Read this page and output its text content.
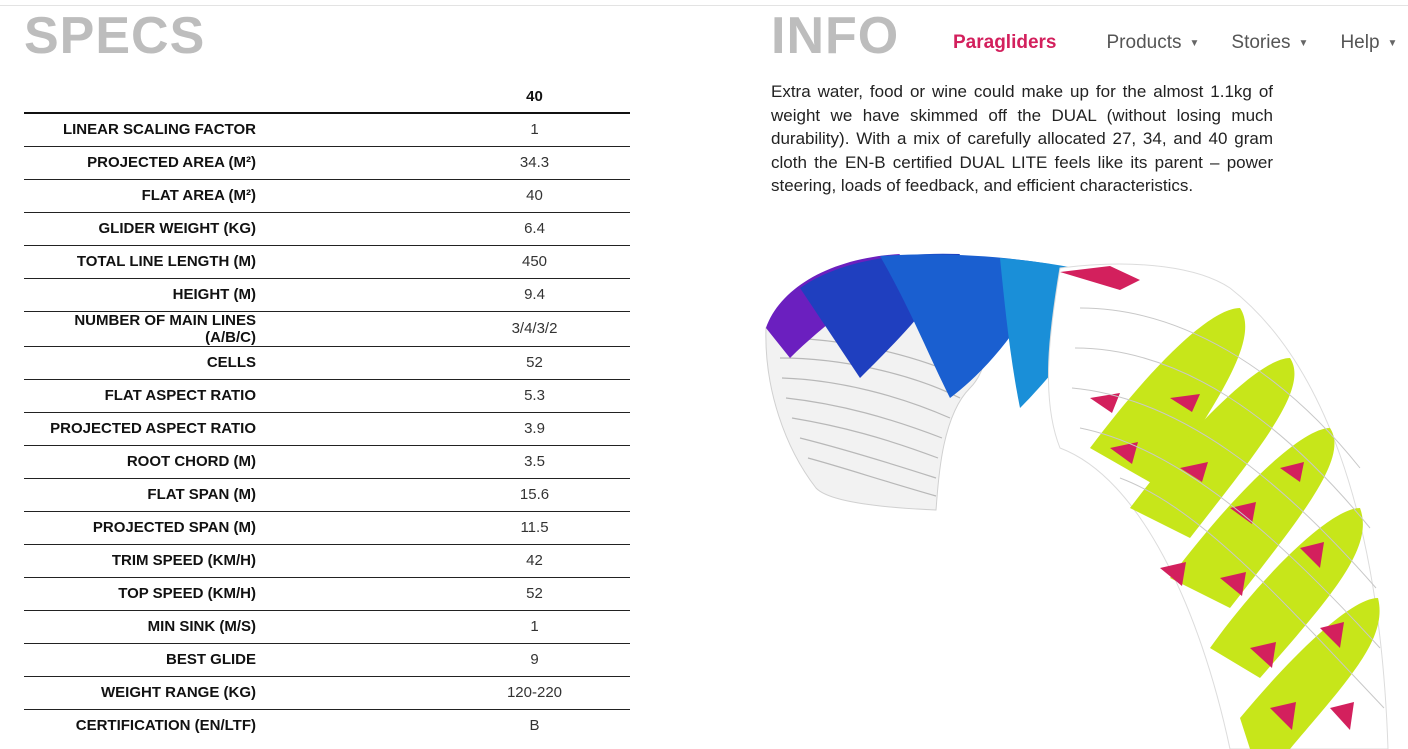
SPECS	INFO	Paragliders	Products ▼ Stories ▼ Help ▼
	40
LINEAR SCALING FACTOR	1
PROJECTED AREA (M²)	34.3
FLAT AREA (M²)	40
GLIDER WEIGHT (KG)	6.4
TOTAL LINE LENGTH (M)	450
HEIGHT (M)	9.4
NUMBER OF MAIN LINES (A/B/C)	3/4/3/2
CELLS	52
FLAT ASPECT RATIO	5.3
PROJECTED ASPECT RATIO	3.9
ROOT CHORD (M)	3.5
FLAT SPAN (M)	15.6
PROJECTED SPAN (M)	11.5
TRIM SPEED (KM/H)	42
TOP SPEED (KM/H)	52
MIN SINK (M/S)	1
BEST GLIDE	9
WEIGHT RANGE (KG)	120-220
CERTIFICATION (EN/LTF)	B

Extra water, food or wine could make up for the almost 1.1kg of weight we have skimmed off the DUAL (without losing much durability). With a mix of carefully allocated 27, 34, and 40 gram cloth the EN-B certified DUAL LITE feels like its parent – power steering, loads of feedback, and efficient characteristics.
